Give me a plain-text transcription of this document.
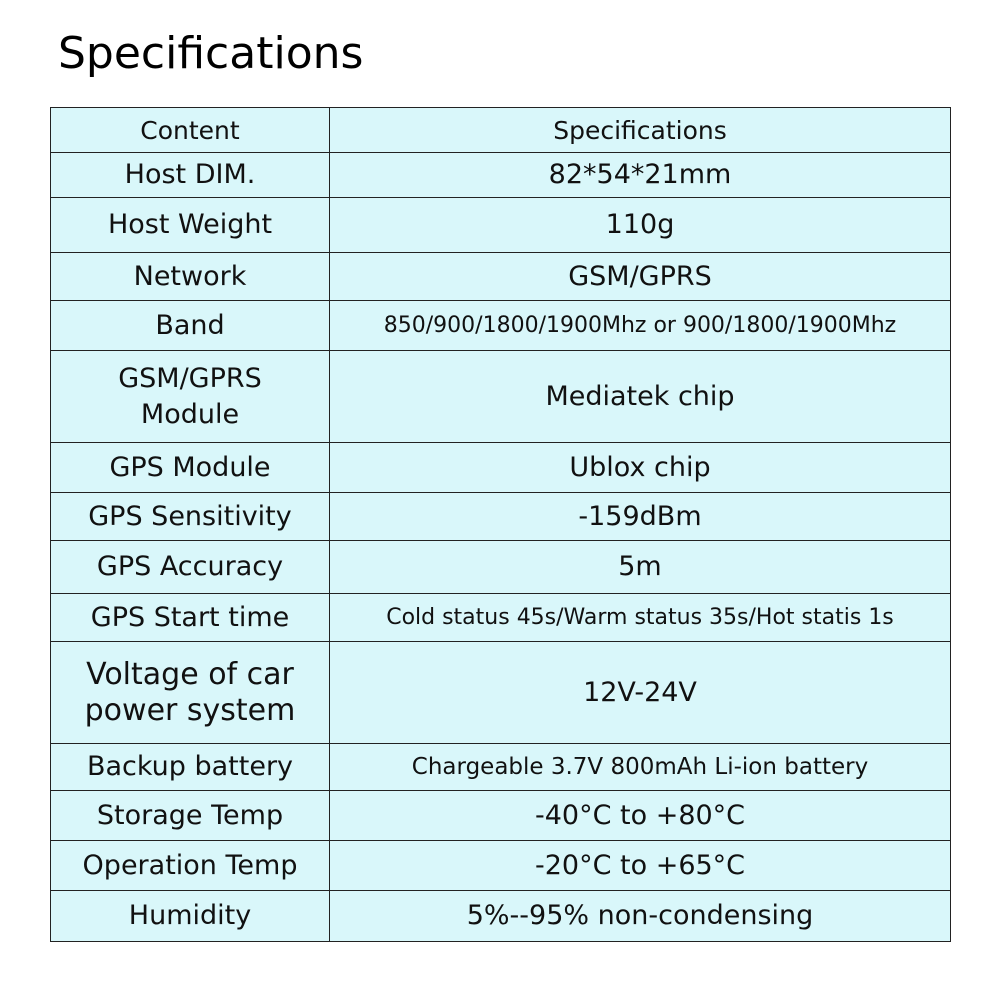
Specifications
Content	Specifications
Host DIM.	82*54*21mm
Host Weight	110g
Network	GSM/GPRS
Band	850/900/1800/1900Mhz or 900/1800/1900Mhz
GSM/GPRS Module	Mediatek chip
GPS Module	Ublox chip
GPS Sensitivity	-159dBm
GPS Accuracy	5m
GPS Start time	Cold status 45s/Warm status 35s/Hot statis 1s
Voltage of car power system	12V-24V
Backup battery	Chargeable 3.7V 800mAh Li-ion battery
Storage Temp	-40°C to +80°C
Operation Temp	-20°C to +65°C
Humidity	5%--95% non-condensing
